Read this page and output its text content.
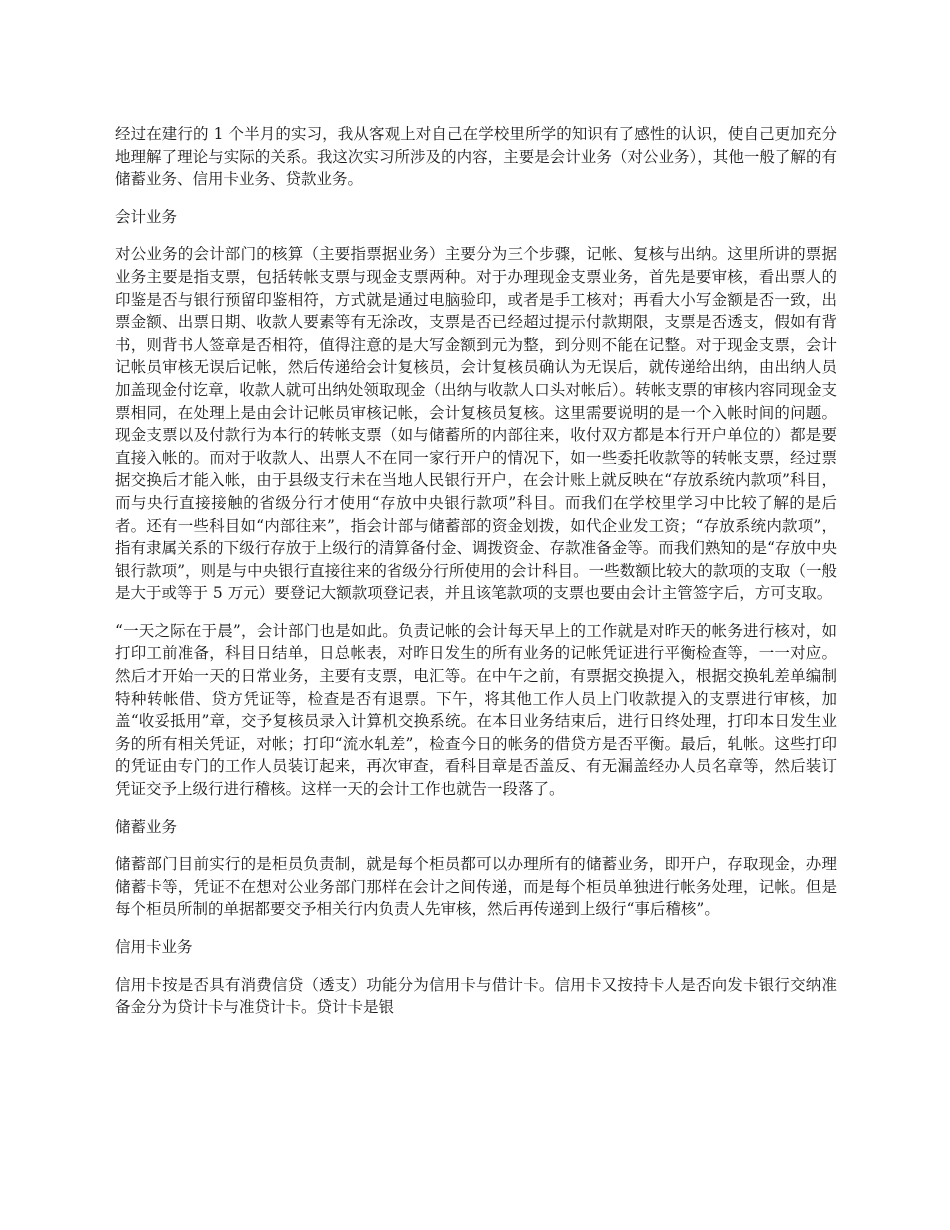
经过在建行的 1 个半月的实习，我从客观上对自己在学校里所学的知识有了感性的认识，使自己更加充分地理解了理论与实际的关系。我这次实习所涉及的内容，主要是会计业务（对公业务），其他一般了解的有储蓄业务、信用卡业务、贷款业务。

会计业务

对公业务的会计部门的核算（主要指票据业务）主要分为三个步骤，记帐、复核与出纳。这里所讲的票据业务主要是指支票，包括转帐支票与现金支票两种。对于办理现金支票业务，首先是要审核，看出票人的印鉴是否与银行预留印鉴相符，方式就是通过电脑验印，或者是手工核对；再看大小写金额是否一致，出票金额、出票日期、收款人要素等有无涂改，支票是否已经超过提示付款期限，支票是否透支，假如有背书，则背书人签章是否相符，值得注意的是大写金额到元为整，到分则不能在记整。对于现金支票，会计记帐员审核无误后记帐，然后传递给会计复核员，会计复核员确认为无误后，就传递给出纳，由出纳人员加盖现金付讫章，收款人就可出纳处领取现金（出纳与收款人口头对帐后）。转帐支票的审核内容同现金支票相同，在处理上是由会计记帐员审核记帐，会计复核员复核。这里需要说明的是一个入帐时间的问题。现金支票以及付款行为本行的转帐支票（如与储蓄所的内部往来，收付双方都是本行开户单位的）都是要直接入帐的。而对于收款人、出票人不在同一家行开户的情况下，如一些委托收款等的转帐支票，经过票据交换后才能入帐，由于县级支行未在当地人民银行开户，在会计账上就反映在“存放系统内款项”科目，而与央行直接接触的省级分行才使用“存放中央银行款项”科目。而我们在学校里学习中比较了解的是后者。还有一些科目如“内部往来”，指会计部与储蓄部的资金划拨，如代企业发工资；“存放系统内款项”，指有隶属关系的下级行存放于上级行的清算备付金、调拨资金、存款准备金等。而我们熟知的是“存放中央银行款项”，则是与中央银行直接往来的省级分行所使用的会计科目。一些数额比较大的款项的支取（一般是大于或等于 5 万元）要登记大额款项登记表，并且该笔款项的支票也要由会计主管签字后，方可支取。

“一天之际在于晨”，会计部门也是如此。负责记帐的会计每天早上的工作就是对昨天的帐务进行核对，如打印工前准备，科目日结单，日总帐表，对昨日发生的所有业务的记帐凭证进行平衡检查等，一一对应。然后才开始一天的日常业务，主要有支票，电汇等。在中午之前，有票据交换提入，根据交换轧差单编制特种转帐借、贷方凭证等，检查是否有退票。下午，将其他工作人员上门收款提入的支票进行审核，加盖“收妥抵用”章，交予复核员录入计算机交换系统。在本日业务结束后，进行日终处理，打印本日发生业务的所有相关凭证，对帐；打印“流水轧差”，检查今日的帐务的借贷方是否平衡。最后，轧帐。这些打印的凭证由专门的工作人员装订起来，再次审查，看科目章是否盖反、有无漏盖经办人员名章等，然后装订凭证交予上级行进行稽核。这样一天的会计工作也就告一段落了。

储蓄业务

储蓄部门目前实行的是柜员负责制，就是每个柜员都可以办理所有的储蓄业务，即开户，存取现金，办理储蓄卡等，凭证不在想对公业务部门那样在会计之间传递，而是每个柜员单独进行帐务处理，记帐。但是每个柜员所制的单据都要交予相关行内负责人先审核，然后再传递到上级行“事后稽核”。

信用卡业务

信用卡按是否具有消费信贷（透支）功能分为信用卡与借计卡。信用卡又按持卡人是否向发卡银行交纳准备金分为贷计卡与准贷计卡。贷计卡是银
